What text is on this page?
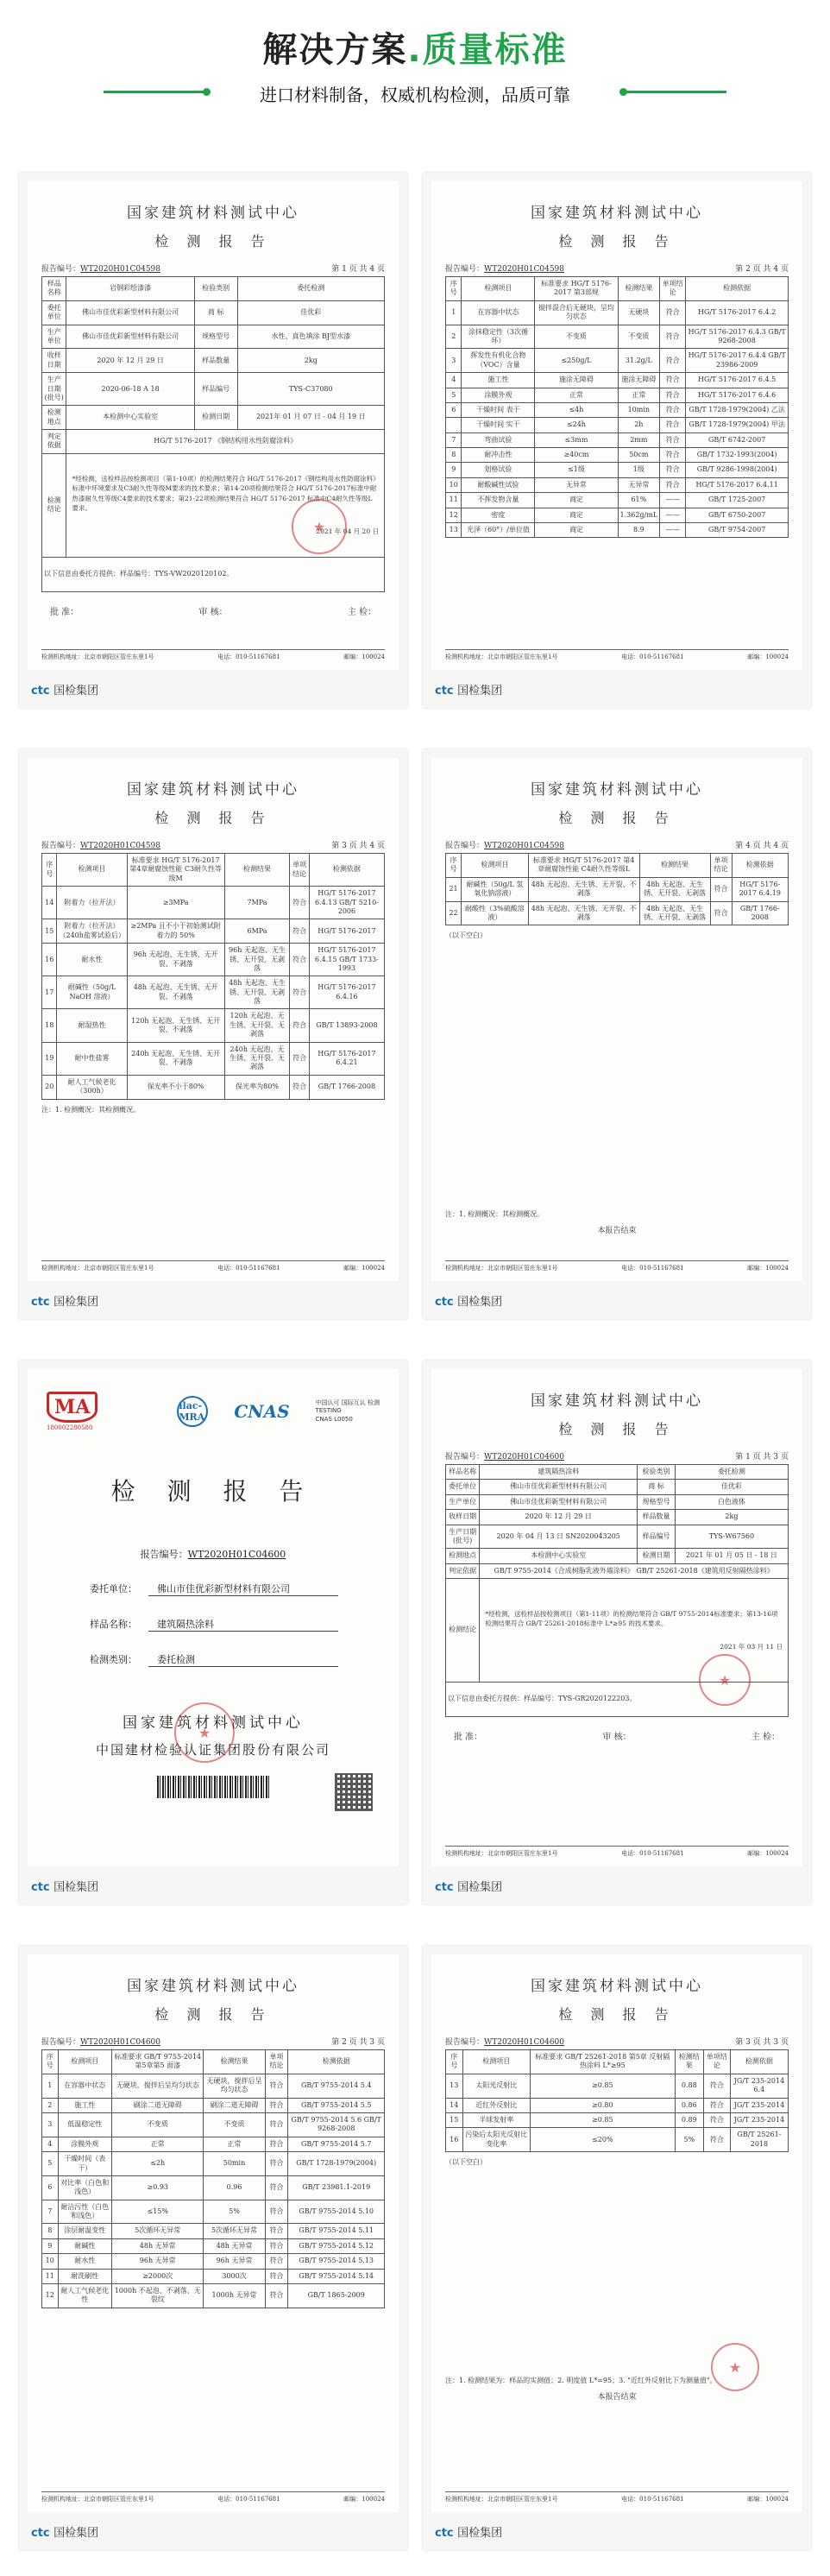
解决方案.质量标准
进口材料制备，权威机构检测，品质可靠
国家建筑材料测试中心
检 测 报 告
报告编号：WT2020H01C04598	第 1 页 共 4 页
样品名称	岩钢彩绘漆漆	检验类别	委托检测
委托单位	佛山市佳优彩新型材料有限公司	商 标	佳优彩
生产单位	佛山市佳优彩新型材料有限公司	规格型号	水性、真色填涂 BJ型水漆
收样日期	2020 年 12 月 29 日	样品数量	2kg
生产日期(批号)	2020-06-18 A 18	样品编号	TYS-C37080
检测地点	本检测中心实验室	检测日期	2021年 01 月 07 日 - 04 月 19 日
判定依据	HG/T 5176-2017 《钢结构用水性防腐涂料》		
检测结论	*经检测，送检样品按检测项目（第1-10项）的检测结果符合 HG/T 5176-2017《钢结构用水性防腐涂料》标准中环境要求及C3耐久性等级M要求的技术要求；第14-20项检测结果符合 HG/T 5176-2017标准中耐热漆耐久性等级C4要求的技术要求；第21-22项检测结果符合 HG/T 5176-2017 标准中C4耐久性等级L要求。
2021 年 04 月 20 日		

以下信息由委托方提供：样品编号：TYS-VW2020120102。			
批 准：	审 核：	主 检：
★
检测机构地址：北京市朝阳区管庄东里1号	电话：010-51167681	邮编：100024
ctc 国检集团
国家建筑材料测试中心
检 测 报 告
报告编号：WT2020H01C04598	第 2 页 共 4 页
序号	检测项目	标准要求 HG/T 5176-2017 第3部规	检测结果	单项结论	检测依据
1	在容器中状态	搅拌混合后无硬块，呈均匀状态	无硬块	符合	HG/T 5176-2017 6.4.2
2	涂抹稳定性（3次循环）	不变质	不变质	符合	HG/T 5176-2017 6.4.3 GB/T 9268-2008
3	挥发性有机化合物（VOC）含量	≤250g/L	31.2g/L	符合	HG/T 5176-2017 6.4.4 GB/T 23986-2009
4	施工性	施涂无障碍	施涂无障碍	符合	HG/T 5176-2017 6.4.5
5	涂膜外观	正常	正常	符合	HG/T 5176-2017 6.4.6
6	干燥时间 表干	≤4h	10min	符合	GB/T 1728-1979(2004) 乙法
	干燥时间 实干	≤24h	2h	符合	GB/T 1728-1979(2004) 甲法
7	弯曲试验	≤3mm	2mm	符合	GB/T 6742-2007
8	耐冲击性	≥40cm	50cm	符合	GB/T 1732-1993(2004)
9	划格试验	≤1级	1级	符合	GB/T 9286-1998(2004)
10	耐酸碱性试验	无异常	无异常	符合	HG/T 5176-2017 6.4.11
11	不挥发物含量	商定	61%	——	GB/T 1725-2007
12	密度	商定	1.362g/mL	——	GB/T 6750-2007
13	光泽（60°）/单位值	商定	8.9	——	GB/T 9754-2007
检测机构地址：北京市朝阳区管庄东里1号	电话：010-51167681	邮编：100024
ctc 国检集团
国家建筑材料测试中心
检 测 报 告
报告编号：WT2020H01C04598	第 3 页 共 4 页
序号	检测项目	标准要求 HG/T 5176-2017 第4章耐腐蚀性能 C3耐久性等级M	检测结果	单项结论	检测依据
14	附着力（拉开法）	≥3MPa	7MPa	符合	HG/T 5176-2017 6.4.13 GB/T 5210-2006
15	附着力（拉开法）（240h盐雾试验后）	≥2MPa 且不小于初始测试附着力的 50%	6MPa	符合	HG/T 5176-2017
16	耐水性	96h 无起泡、无生锈、无开裂、不剥落	96h 无起泡、无生锈、无开裂、无剥落	符合	HG/T 5176-2017 6.4.15 GB/T 1733-1993
17	耐碱性（50g/L NaOH 溶液）	48h 无起泡、无生锈、无开裂、不剥落	48h 无起泡、无生锈、无开裂、无剥落	符合	HG/T 5176-2017 6.4.16
18	耐湿热性	120h 无起泡、无生锈、无开裂、不剥落	120h 无起泡、无生锈、无开裂、无剥落	符合	GB/T 13893-2008
19	耐中性盐雾	240h 无起泡、无生锈、无开裂、不剥落	240h 无起泡、无生锈、无开裂、无剥落	符合	HG/T 5176-2017 6.4.21
20	耐人工气候老化（300h）	保光率不小于80%	保光率为80%	符合	GB/T 1766-2008
注：1. 检测概况：其检测概况。
检测机构地址：北京市朝阳区管庄东里1号	电话：010-51167681	邮编：100024
ctc 国检集团
国家建筑材料测试中心
检 测 报 告
报告编号：WT2020H01C04598	第 4 页 共 4 页
序号	检测项目	标准要求 HG/T 5176-2017 第4章耐腐蚀性能 C4耐久性等级L	检测结果	单项结论	检测依据
21	耐碱性（50g/L 氢氧化钠溶液）	48h 无起泡、无生锈、无开裂、不剥落	48h 无起泡、无生锈、无开裂、无剥落	符合	HG/T 5176-2017 6.4.19
22	耐酸性（3%硫酸溶液）	48h 无起泡、无生锈、无开裂、不剥落	48h 无起泡、无生锈、无开裂、无剥落	符合	GB/T 1766-2008
（以下空白）
注：1. 检测概况：其检测概况。
本报告结束
检测机构地址：北京市朝阳区管庄东里1号	电话：010-51167681	邮编：100024
ctc 国检集团
MA
180002280580
ilac-MRA CNAS	中国认可 国际互认 检测
TESTING
CNAS L0050
检 测 报 告
报告编号：WT2020H01C04600
委托单位：	佛山市佳优彩新型材料有限公司
样品名称：	建筑隔热涂料
检测类别：	委托检测
★
国家建筑材料测试中心
中国建材检验认证集团股份有限公司
ctc 国检集团
国家建筑材料测试中心
检 测 报 告
报告编号：WT2020H01C04600	第 1 页 共 3 页
样品名称	建筑隔热涂料	检验类别	委托检测
委托单位	佛山市佳优彩新型材料有限公司	商 标	佳优彩
生产单位	佛山市佳优彩新型材料有限公司	规格型号	白色液体
收样日期	2020 年 12 月 29 日	样品数量	2kg
生产日期(批号)	2020 年 04 月 13 日 SN2020043205	样品编号	TYS-W67560
检测地点	本检测中心实验室	检测日期	2021 年 01 月 05 日 - 18 日
判定依据	GB/T 9755-2014《合成树脂乳液外墙涂料》 GB/T 25261-2018《建筑用反射隔热涂料》		
检测结论	*经检测，送检样品按检测项目（第1-11项）的检测结果符合 GB/T 9755-2014标准要求；第13-16项检测结果符合 GB/T 25261-2018标准中 L*≥95 的技术要求。
2021 年 03 月 11 日		

以下信息由委托方提供：样品编号：TYS-GR2020122203。			
批 准：	审 核：	主 检：
★
检测机构地址：北京市朝阳区管庄东里1号	电话：010-51167681	邮编：100024
ctc 国检集团
国家建筑材料测试中心
检 测 报 告
报告编号：WT2020H01C04600	第 2 页 共 3 页
序号	检测项目	标准要求 GB/T 9755-2014 第5章第5 面漆	检测结果	单项结论	检测依据
1	在容器中状态	无硬块，搅拌后呈均匀状态	无硬块，搅拌后呈均匀状态	符合	GB/T 9755-2014 5.4
2	施工性	刷涂二道无障碍	刷涂二道无障碍	符合	GB/T 9755-2014 5.5
3	低温稳定性	不变质	不变质	符合	GB/T 9755-2014 5.6 GB/T 9268-2008
4	涂膜外观	正常	正常	符合	GB/T 9755-2014 5.7
5	干燥时间（表干）	≤2h	50min	符合	GB/T 1728-1979(2004)
6	对比率（白色和浅色）	≥0.93	0.96	符合	GB/T 23981.1-2019
7	耐沾污性（白色和浅色）	≤15%	5%	符合	GB/T 9755-2014 5.10
8	涂层耐温变性	5次循环无异常	5次循环无异常	符合	GB/T 9755-2014 5.11
9	耐碱性	48h 无异常	48h 无异常	符合	GB/T 9755-2014 5.12
10	耐水性	96h 无异常	96h 无异常	符合	GB/T 9755-2014 5.13
11	耐洗刷性	≥2000次	3000次	符合	GB/T 9755-2014 5.14
12	耐人工气候老化性	1000h 不起泡、不剥落、无裂纹	1000h 无异常	符合	GB/T 1865-2009
检测机构地址：北京市朝阳区管庄东里1号	电话：010-51167681	邮编：100024
ctc 国检集团
国家建筑材料测试中心
检 测 报 告
报告编号：WT2020H01C04600	第 3 页 共 3 页
序号	检测项目	标准要求 GB/T 25261-2018 第5章 反射隔热涂料 L*≥95	检测结果	单项结论	检测依据
13	太阳光反射比	≥0.85	0.88	符合	JG/T 235-2014 6.4
14	近红外反射比	≥0.80	0.86	符合	JG/T 235-2014
15	半球发射率	≥0.85	0.89	符合	JG/T 235-2014
16	污染后太阳光反射比变化率	≤20%	5%	符合	GB/T 25261-2018
（以下空白）
注：1. 检测结果为：样品的实测值；2. 明度值 L*=95；3. "近红外反射比下为测量值"。
★
本报告结束
检测机构地址：北京市朝阳区管庄东里1号	电话：010-51167681	邮编：100024
ctc 国检集团
